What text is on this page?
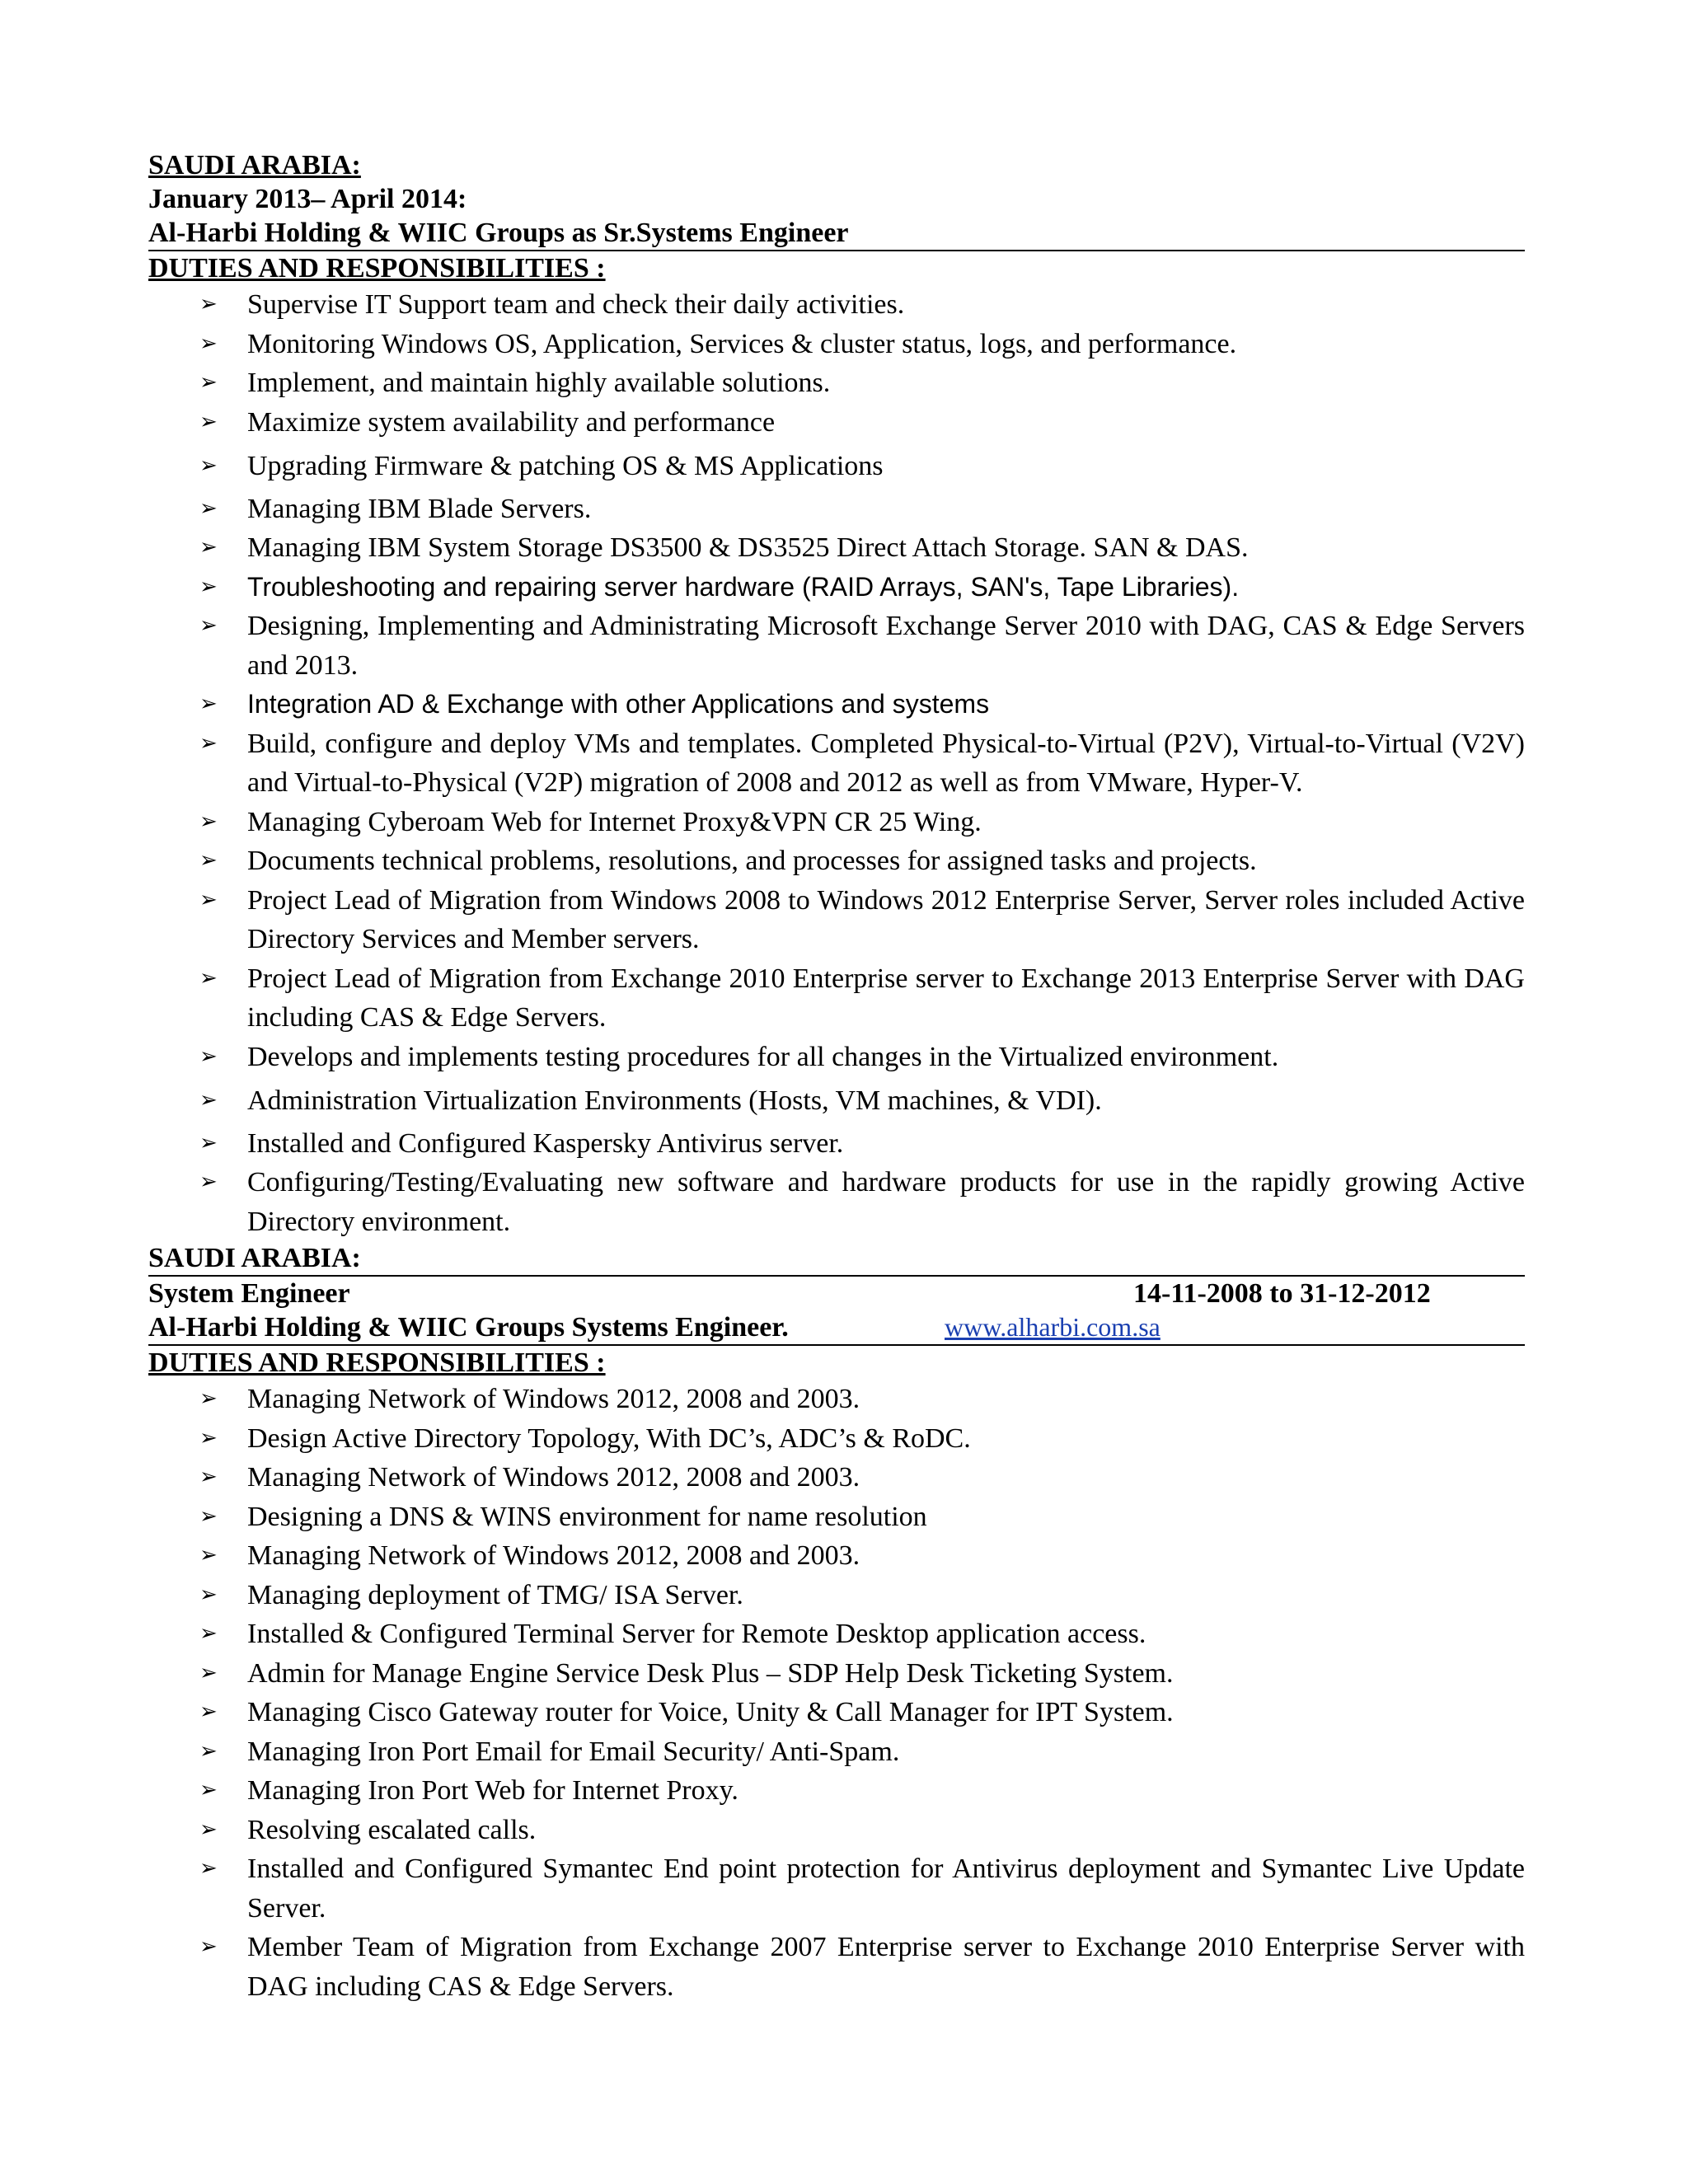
SAUDI ARABIA:

January 2013– April 2014:

Al-Harbi Holding & WIIC Groups as Sr.Systems Engineer

DUTIES AND RESPONSIBILITIES :

➢ Supervise IT Support team and check their daily activities.
➢ Monitoring Windows OS, Application, Services & cluster status, logs, and performance.
➢ Implement, and maintain highly available solutions.
➢ Maximize system availability and performance
➢ Upgrading Firmware & patching OS & MS Applications
➢ Managing IBM Blade Servers.
➢ Managing IBM System Storage DS3500 & DS3525 Direct Attach Storage. SAN & DAS.
➢ Troubleshooting and repairing server hardware (RAID Arrays, SAN's, Tape Libraries).
➢ Designing, Implementing and Administrating Microsoft Exchange Server 2010 with DAG, CAS & Edge Servers and 2013.
➢ Integration AD & Exchange with other Applications and systems
➢ Build, configure and deploy VMs and templates. Completed Physical-to-Virtual (P2V), Virtual-to-Virtual (V2V) and Virtual-to-Physical (V2P) migration of 2008 and 2012 as well as from VMware, Hyper-V.
➢ Managing Cyberoam Web for Internet Proxy&VPN CR 25 Wing.
➢ Documents technical problems, resolutions, and processes for assigned tasks and projects.
➢ Project Lead of Migration from Windows 2008 to Windows 2012 Enterprise Server, Server roles included Active Directory Services and Member servers.
➢ Project Lead of Migration from Exchange 2010 Enterprise server to Exchange 2013 Enterprise Server with DAG including CAS & Edge Servers.
➢ Develops and implements testing procedures for all changes in the Virtualized environment.
➢ Administration Virtualization Environments (Hosts, VM machines, & VDI).
➢ Installed and Configured Kaspersky Antivirus server.
➢ Configuring/Testing/Evaluating new software and hardware products for use in the rapidly growing Active Directory environment.

SAUDI ARABIA:

System Engineer	14-11-2008 to 31-12-2012
Al-Harbi Holding & WIIC Groups Systems Engineer.	www.alharbi.com.sa

DUTIES AND RESPONSIBILITIES :

➢ Managing Network of Windows 2012, 2008 and 2003.
➢ Design Active Directory Topology, With DC’s, ADC’s & RoDC.
➢ Managing Network of Windows 2012, 2008 and 2003.
➢ Designing a DNS & WINS environment for name resolution
➢ Managing Network of Windows 2012, 2008 and 2003.
➢ Managing deployment of TMG/ ISA Server.
➢ Installed & Configured Terminal Server for Remote Desktop application access.
➢ Admin for Manage Engine Service Desk Plus – SDP Help Desk Ticketing System.
➢ Managing Cisco Gateway router for Voice, Unity & Call Manager for IPT System.
➢ Managing Iron Port Email for Email Security/ Anti-Spam.
➢ Managing Iron Port Web for Internet Proxy.
➢ Resolving escalated calls.
➢ Installed and Configured Symantec End point protection for Antivirus deployment and Symantec Live Update Server.
➢ Member Team of Migration from Exchange 2007 Enterprise server to Exchange 2010 Enterprise Server with DAG including CAS & Edge Servers.
